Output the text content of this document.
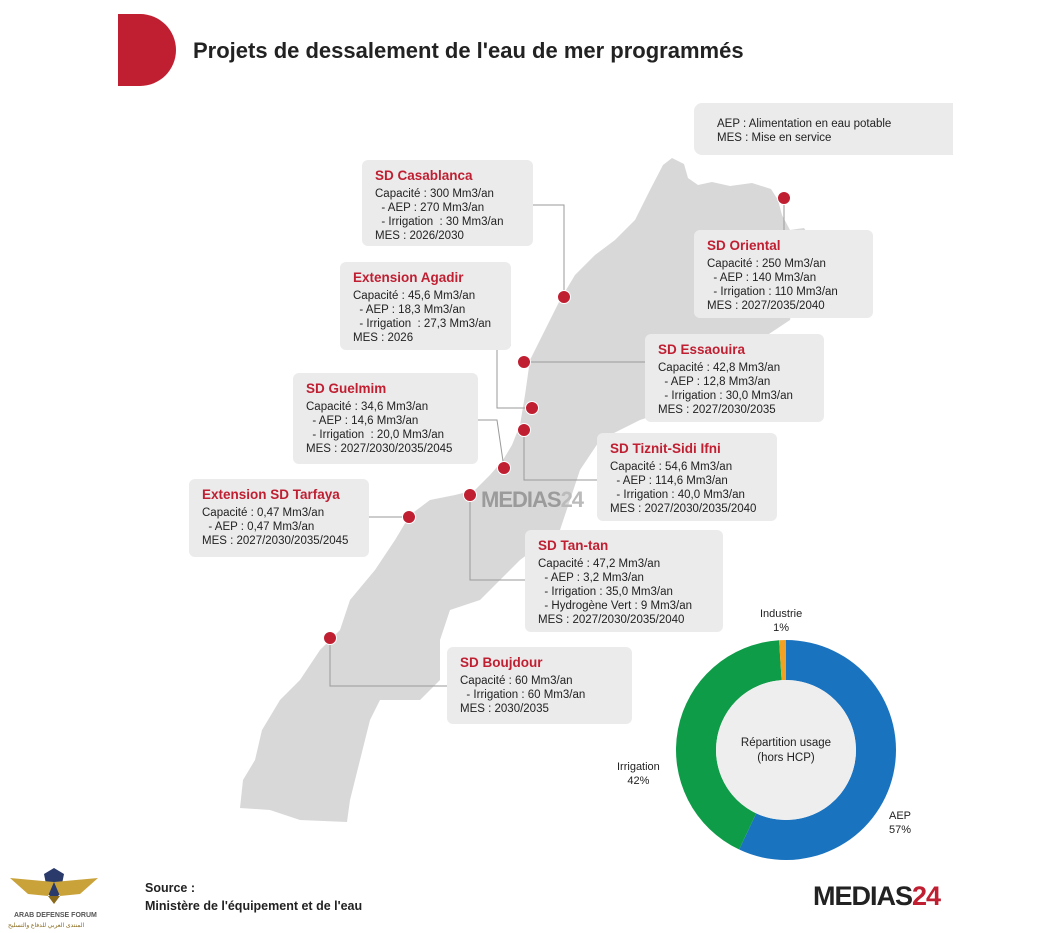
Projets de dessalement de l'eau de mer programmés
AEP : Alimentation en eau potable
MES : Mise en service
SD Casablanca
Capacité : 300 Mm3/an
- AEP : 270 Mm3/an
- Irrigation  : 30 Mm3/an
MES : 2026/2030
Extension Agadir
Capacité : 45,6 Mm3/an
- AEP : 18,3 Mm3/an
- Irrigation  : 27,3 Mm3/an
MES : 2026
SD Guelmim
Capacité : 34,6 Mm3/an
- AEP : 14,6 Mm3/an
- Irrigation  : 20,0 Mm3/an
MES : 2027/2030/2035/2045
Extension SD Tarfaya
Capacité : 0,47 Mm3/an
- AEP : 0,47 Mm3/an
MES : 2027/2030/2035/2045
SD Oriental
Capacité : 250 Mm3/an
- AEP : 140 Mm3/an
- Irrigation : 110 Mm3/an
MES : 2027/2035/2040
SD Essaouira
Capacité : 42,8 Mm3/an
- AEP : 12,8 Mm3/an
- Irrigation : 30,0 Mm3/an
MES : 2027/2030/2035
SD Tiznit-Sidi Ifni
Capacité : 54,6 Mm3/an
- AEP : 114,6 Mm3/an
- Irrigation : 40,0 Mm3/an
MES : 2027/2030/2035/2040
SD Tan-tan
Capacité : 47,2 Mm3/an
- AEP : 3,2 Mm3/an
- Irrigation : 35,0 Mm3/an
- Hydrogène Vert : 9 Mm3/an
MES : 2027/2030/2035/2040
SD Boujdour
Capacité : 60 Mm3/an
- Irrigation : 60 Mm3/an
MES : 2030/2035
MEDIAS24
Industrie
1%
Irrigation
42%
AEP
57%
Répartition usage
(hors HCP)
Source :
Ministère de l'équipement et de l'eau	MEDIAS24
ARAB DEFENSE FORUM
المنتدى العربي للدفاع والتسليح
